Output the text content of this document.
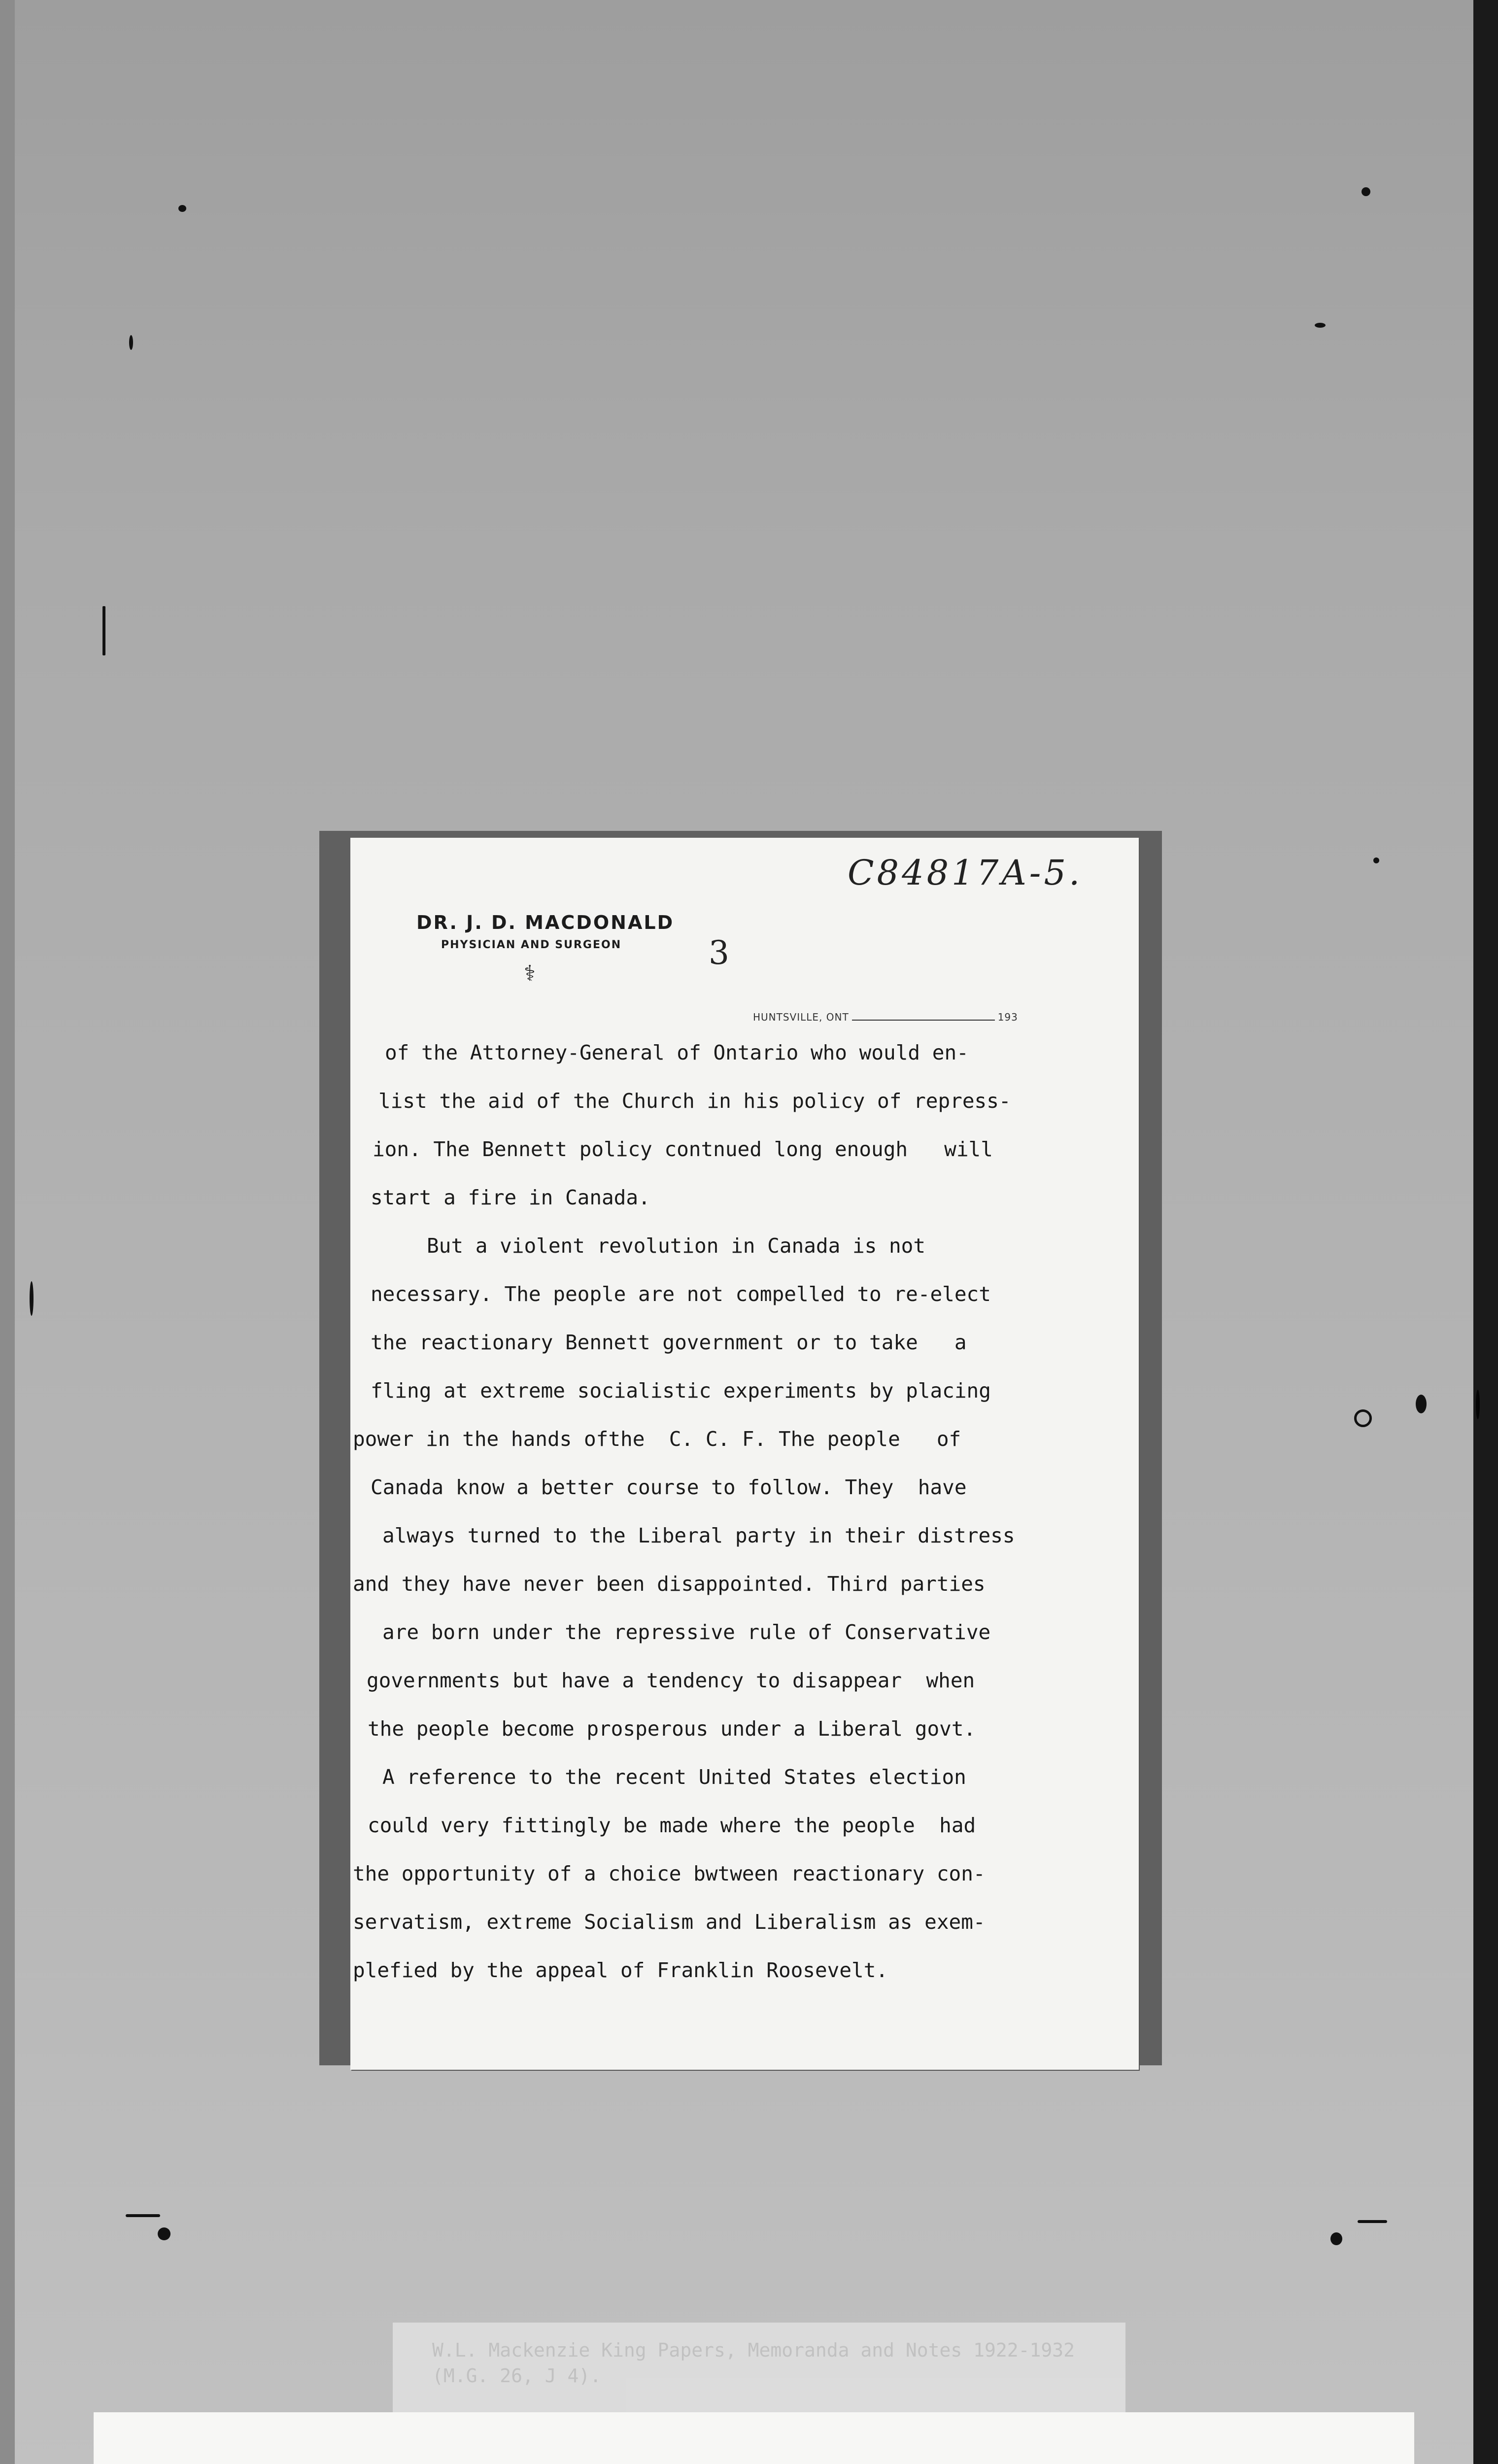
C84817A-5.
DR. J. D. MACDONALD
PHYSICIAN AND SURGEON
⚕
3
HUNTSVILLE, ONT	193
of the Attorney-General of Ontario who would en-
list the aid of the Church in his policy of repress-
ion. The Bennett policy contnued long enough   will
start a fire in Canada.
But a violent revolution in Canada is not
necessary. The people are not compelled to re-elect
the reactionary Bennett government or to take   a
fling at extreme socialistic experiments by placing
power in the hands ofthe  C. C. F. The people   of
Canada know a better course to follow. They  have
always turned to the Liberal party in their distress
and they have never been disappointed. Third parties
are born under the repressive rule of Conservative
governments but have a tendency to disappear  when
the people become prosperous under a Liberal govt.
A reference to the recent United States election
could very fittingly be made where the people  had
the opportunity of a choice bwtween reactionary con-
servatism, extreme Socialism and Liberalism as exem-
plefied by the appeal of Franklin Roosevelt.
W.L. Mackenzie King Papers, Memoranda and Notes 1922-1932
(M.G. 26, J 4).
